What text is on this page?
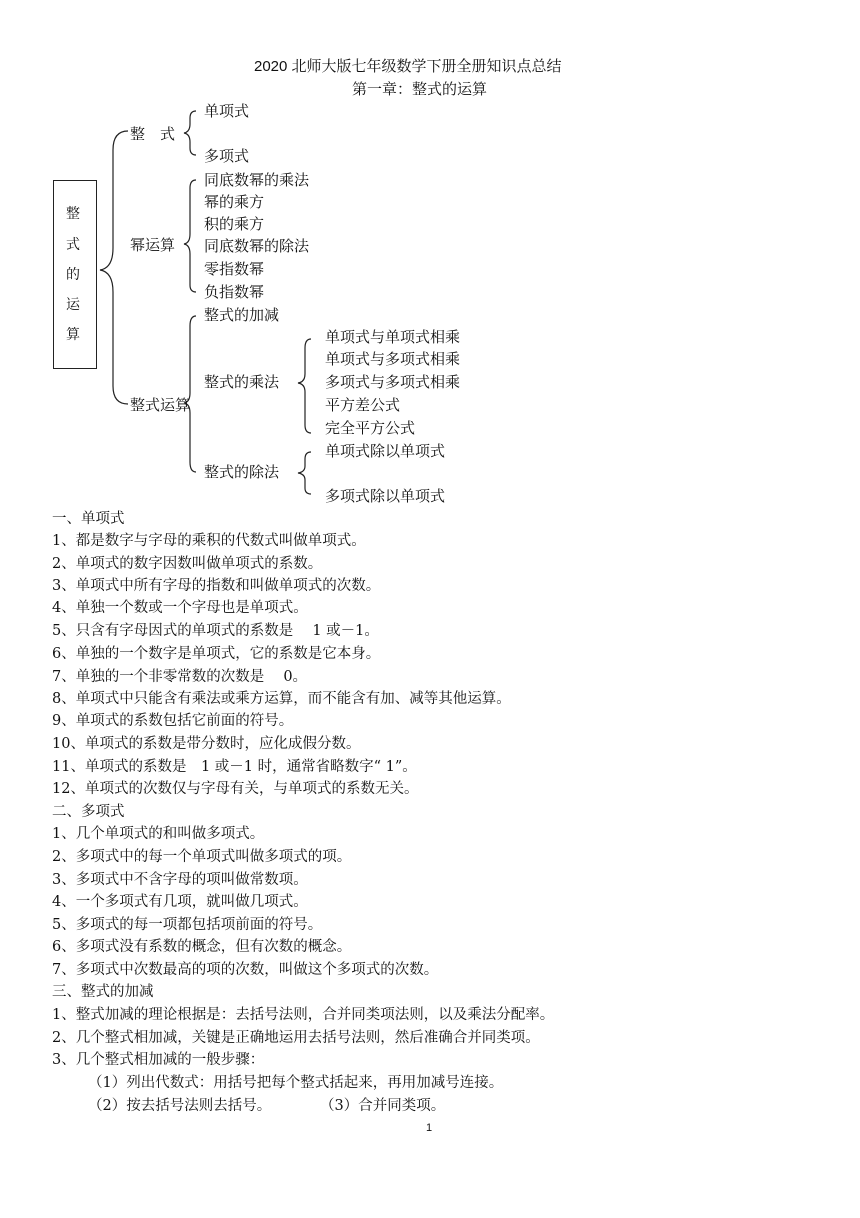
2020 北师大版七年级数学下册全册知识点总结
第一章：整式的运算
整
式
的
运
算
整　式
幂运算
整式运算
单项式
多项式
同底数幂的乘法
幂的乘方
积的乘方
同底数幂的除法
零指数幂
负指数幂
整式的加减
整式的乘法
整式的除法
单项式与单项式相乘
单项式与多项式相乘
多项式与多项式相乘
平方差公式
完全平方公式
单项式除以单项式
多项式除以单项式
一、单项式
1、都是数字与字母的乘积的代数式叫做单项式。
2、单项式的数字因数叫做单项式的系数。
3、单项式中所有字母的指数和叫做单项式的次数。
4、单独一个数或一个字母也是单项式。
5、只含有字母因式的单项式的系数是　 1 或－1。
6、单独的一个数字是单项式，它的系数是它本身。
7、单独的一个非零常数的次数是　 0。
8、单项式中只能含有乘法或乘方运算，而不能含有加、减等其他运算。
9、单项式的系数包括它前面的符号。
10、单项式的系数是带分数时，应化成假分数。
11、单项式的系数是　1 或－1 时，通常省略数字“ 1”。
12、单项式的次数仅与字母有关，与单项式的系数无关。
二、多项式
1、几个单项式的和叫做多项式。
2、多项式中的每一个单项式叫做多项式的项。
3、多项式中不含字母的项叫做常数项。
4、一个多项式有几项，就叫做几项式。
5、多项式的每一项都包括项前面的符号。
6、多项式没有系数的概念，但有次数的概念。
7、多项式中次数最高的项的次数，叫做这个多项式的次数。
三、整式的加减
1、整式加减的理论根据是：去括号法则，合并同类项法则，以及乘法分配率。
2、几个整式相加减，关键是正确地运用去括号法则，然后准确合并同类项。
3、几个整式相加减的一般步骤：
（1）列出代数式：用括号把每个整式括起来，再用加减号连接。
（2）按去括号法则去括号。	（3）合并同类项。
1
